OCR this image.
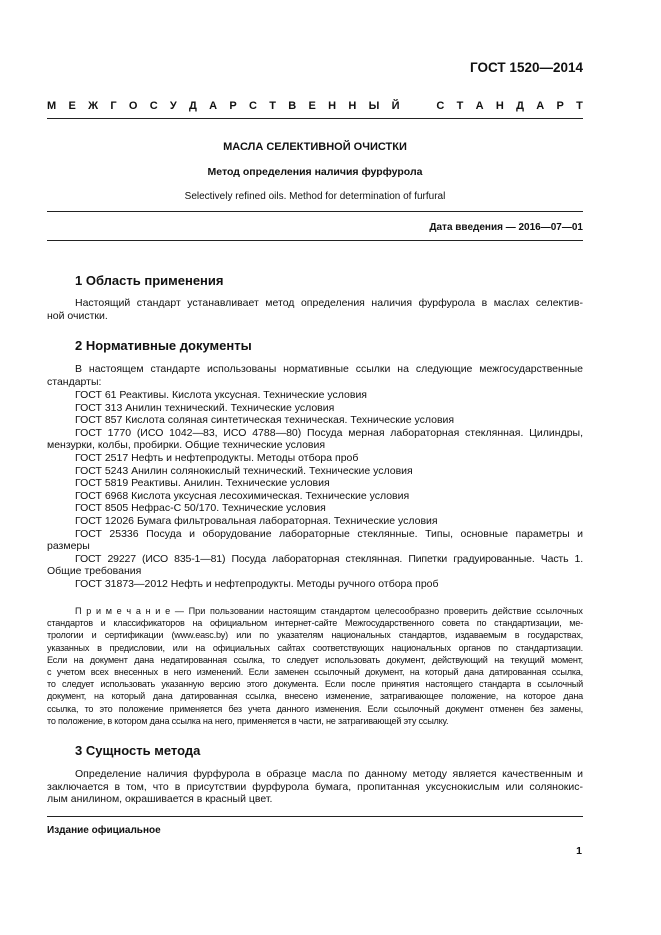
ГОСТ 1520—2014
М Е Ж Г О С У Д А Р С Т В Е Н Н Ы Й	С Т А Н Д А Р Т
МАСЛА СЕЛЕКТИВНОЙ ОЧИСТКИ
Метод определения наличия фурфурола
Selectively refined oils. Method for determination of furfural
Дата введения — 2016—07—01
1 Область применения
Настоящий стандарт устанавливает метод определения наличия фурфурола в маслах селектив-
ной очистки.
2 Нормативные документы
В настоящем стандарте использованы нормативные ссылки на следующие межгосударственные
стандарты:
ГОСТ 61 Реактивы. Кислота уксусная. Технические условия
ГОСТ 313 Анилин технический. Технические условия
ГОСТ 857 Кислота соляная синтетическая техническая. Технические условия
ГОСТ 1770 (ИСО 1042—83, ИСО 4788—80) Посуда мерная лабораторная стеклянная. Цилиндры,
мензурки, колбы, пробирки. Общие технические условия
ГОСТ 2517 Нефть и нефтепродукты. Методы отбора проб
ГОСТ 5243 Анилин солянокислый технический. Технические условия
ГОСТ 5819 Реактивы. Анилин. Технические условия
ГОСТ 6968 Кислота уксусная лесохимическая. Технические условия
ГОСТ 8505 Нефрас-С 50/170. Технические условия
ГОСТ 12026 Бумага фильтровальная лабораторная. Технические условия
ГОСТ 25336 Посуда и оборудование лабораторные стеклянные. Типы, основные параметры и
размеры
ГОСТ 29227 (ИСО 835-1—81) Посуда лабораторная стеклянная. Пипетки градуированные. Часть 1.
Общие требования
ГОСТ 31873—2012 Нефть и нефтепродукты. Методы ручного отбора проб
П р и м е ч а н и е — При пользовании настоящим стандартом целесообразно проверить действие ссылочных
стандартов и классификаторов на официальном интернет-сайте Межгосударственного совета по стандартизации, ме-
трологии и сертификации (www.easc.by) или по указателям национальных стандартов, издаваемым в государствах,
указанных в предисловии, или на официальных сайтах соответствующих национальных органов по стандартизации.
Если на документ дана недатированная ссылка, то следует использовать документ, действующий на текущий момент,
с учетом всех внесенных в него изменений. Если заменен ссылочный документ, на который дана датированная ссылка,
то следует использовать указанную версию этого документа. Если после принятия настоящего стандарта в ссылочный
документ, на который дана датированная ссылка, внесено изменение, затрагивающее положение, на которое дана
ссылка, то это положение применяется без учета данного изменения. Если ссылочный документ отменен без замены,
то положение, в котором дана ссылка на него, применяется в части, не затрагивающей эту ссылку.
3 Сущность метода
Определение наличия фурфурола в образце масла по данному методу является качественным и
заключается в том, что в присутствии фурфурола бумага, пропитанная уксуснокислым или солянокис-
лым анилином, окрашивается в красный цвет.
Издание официальное
1
